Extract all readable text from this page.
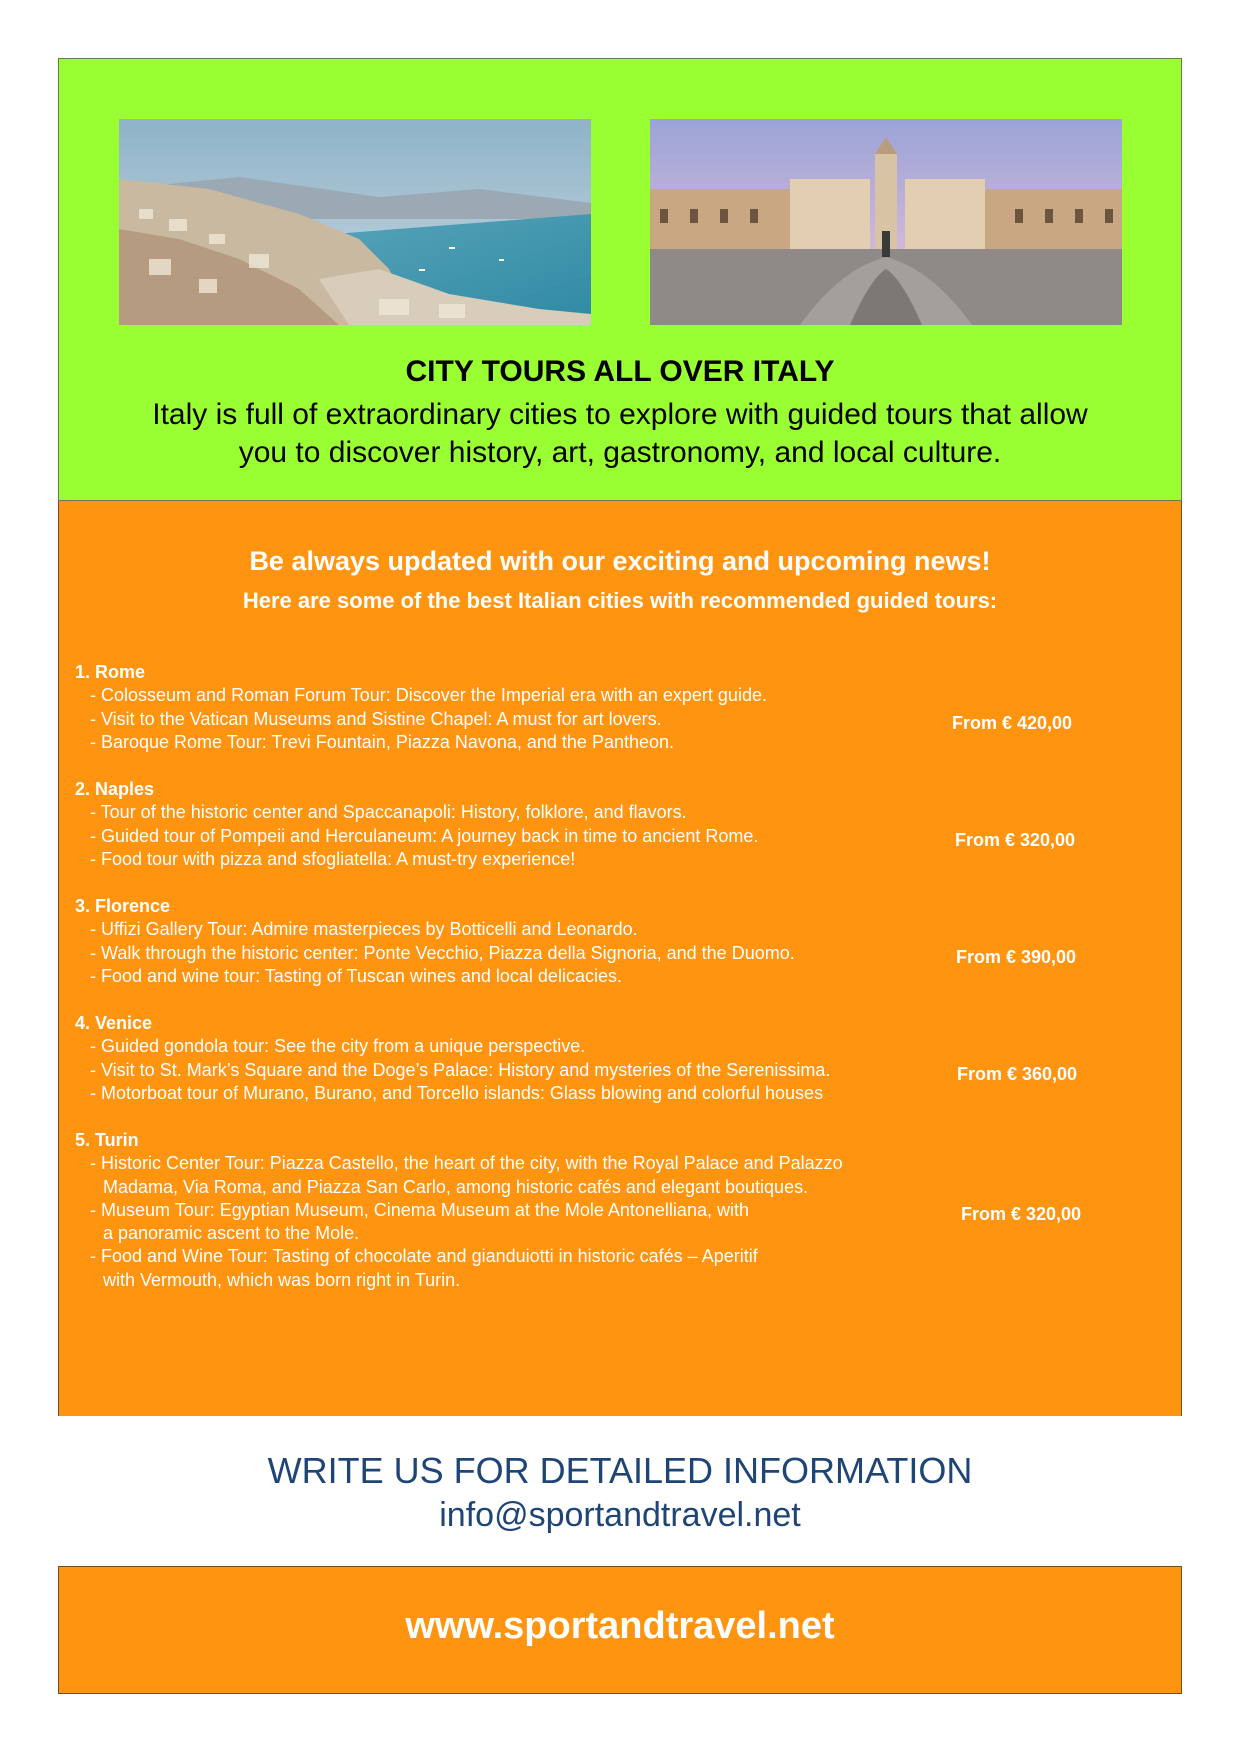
CITY TOURS ALL OVER ITALY
Italy is full of extraordinary cities to explore with guided tours that allow
you to discover history, art, gastronomy, and local culture.
Be always updated with our exciting and upcoming news!
Here are some of the best Italian cities with recommended guided tours:
1. Rome
- Colosseum and Roman Forum Tour: Discover the Imperial era with an expert guide.
- Visit to the Vatican Museums and Sistine Chapel: A must for art lovers.
- Baroque Rome Tour: Trevi Fountain, Piazza Navona, and the Pantheon.
From € 420,00
2. Naples
- Tour of the historic center and Spaccanapoli: History, folklore, and flavors.
- Guided tour of Pompeii and Herculaneum: A journey back in time to ancient Rome.
- Food tour with pizza and sfogliatella: A must-try experience!
From € 320,00
3. Florence
- Uffizi Gallery Tour: Admire masterpieces by Botticelli and Leonardo.
- Walk through the historic center: Ponte Vecchio, Piazza della Signoria, and the Duomo.
- Food and wine tour: Tasting of Tuscan wines and local delicacies.
From € 390,00
4. Venice
- Guided gondola tour: See the city from a unique perspective.
- Visit to St. Mark’s Square and the Doge’s Palace: History and mysteries of the Serenissima.
- Motorboat tour of Murano, Burano, and Torcello islands: Glass blowing and colorful houses
From € 360,00
5. Turin
- Historic Center Tour: Piazza Castello, the heart of the city, with the Royal Palace and Palazzo
Madama, Via Roma, and Piazza San Carlo, among historic cafés and elegant boutiques.
- Museum Tour: Egyptian Museum, Cinema Museum at the Mole Antonelliana, with
a panoramic ascent to the Mole.
- Food and Wine Tour: Tasting of chocolate and gianduiotti in historic cafés – Aperitif
with Vermouth, which was born right in Turin.
From € 320,00
WRITE US FOR DETAILED INFORMATION
info@sportandtravel.net
www.sportandtravel.net
